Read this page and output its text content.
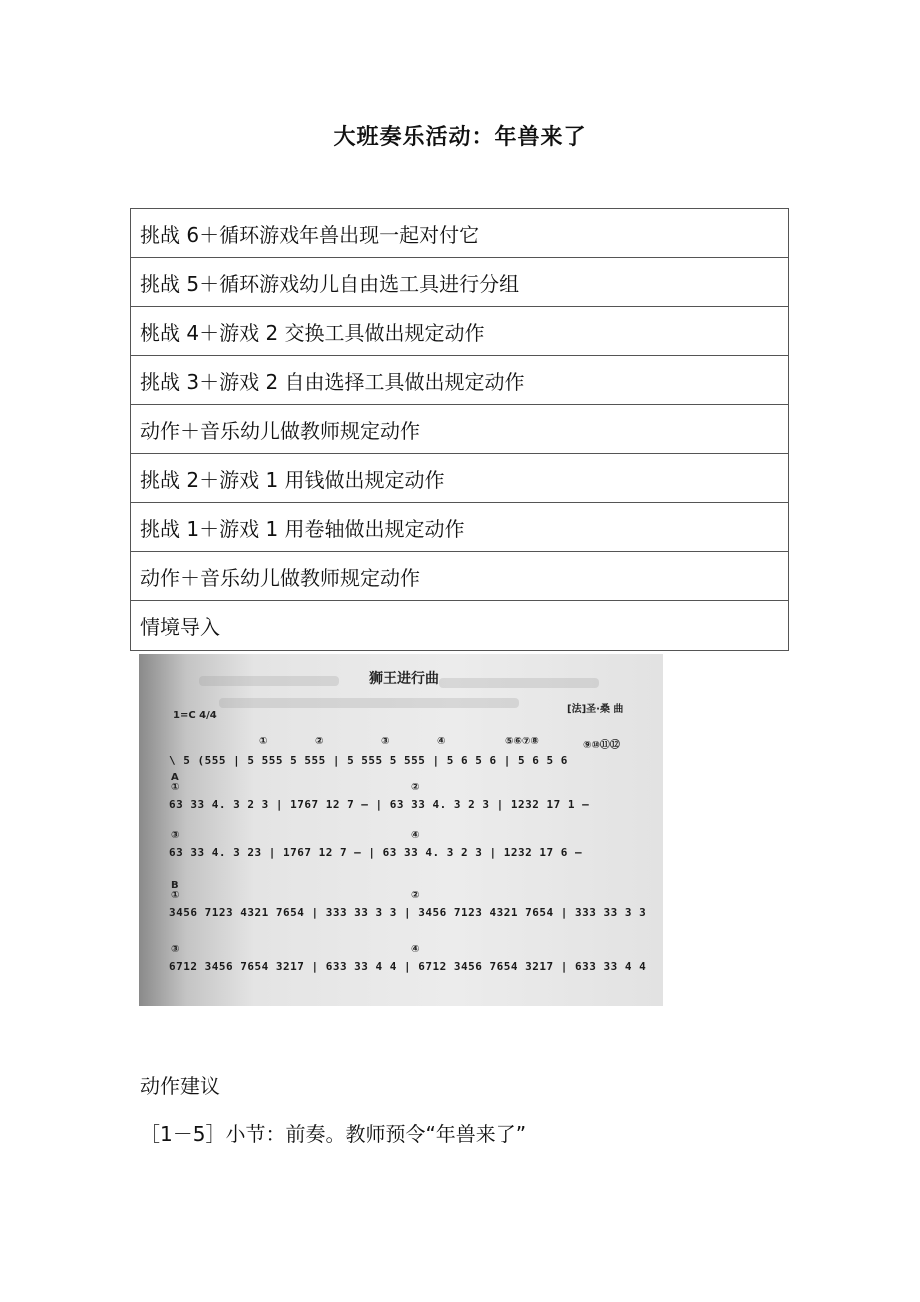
大班奏乐活动：年兽来了
挑战 6＋循环游戏年兽出现一起对付它
挑战 5＋循环游戏幼儿自由选工具进行分组
桃战 4＋游戏 2 交换工具做出规定动作
挑战 3＋游戏 2 自由选择工具做出规定动作
动作＋音乐幼儿做教师规定动作
挑战 2＋游戏 1 用钱做出规定动作
挑战 1＋游戏 1 用卷轴做出规定动作
动作＋音乐幼儿做教师规定动作
情境导入
狮王进行曲
[法]圣·桑 曲
1=C 4/4
①	②	③	④	⑤⑥⑦⑧	⑨⑩⑪⑫
\ 5 (555 | 5 555 5 555 | 5 555 5 555 | 5 6 5 6 | 5 6 5 6
A
①	②
63 33 4. 3 2 3 | 1767 12 7 — | 63 33 4. 3 2 3 | 1232 17 1 —
③	④
63 33 4. 3 23 | 1767 12 7 — | 63 33 4. 3 2 3 | 1232 17 6 —
B
①	②
3456 7123 4321 7654 | 333 33 3 3 | 3456 7123 4321 7654 | 333 33 3 3
③	④
6712 3456 7654 3217 | 633 33 4 4 | 6712 3456 7654 3217 | 633 33 4 4
动作建议
［1－5］小节：前奏。教师预令“年兽来了”
